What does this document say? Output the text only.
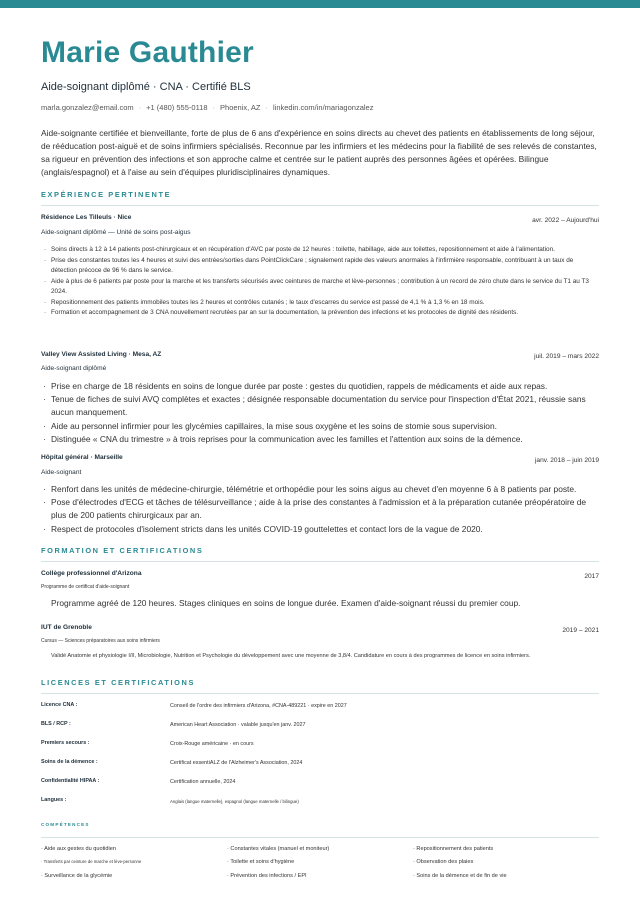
Marie Gauthier
Aide-soignant diplômé · CNA · Certifié BLS
marla.gonzalez@email.com · +1 (480) 555-0118 · Phoenix, AZ · linkedin.com/in/mariagonzalez

Aide-soignante certifiée et bienveillante, forte de plus de 6 ans d'expérience en soins directs au chevet des patients en établissements de long séjour, de rééducation post-aiguë et de soins infirmiers spécialisés. Reconnue par les infirmiers et les médecins pour la fiabilité de ses relevés de constantes, sa rigueur en prévention des infections et son approche calme et centrée sur le patient auprès des personnes âgées et opérées. Bilingue (anglais/espagnol) et à l'aise au sein d'équipes pluridisciplinaires dynamiques.

EXPÉRIENCE PERTINENTE
Résidence Les Tilleuls · Nice	avr. 2022 – Aujourd'hui
Aide-soignant diplômé — Unité de soins post-aigus
· Soins directs à 12 à 14 patients post-chirurgicaux et en récupération d'AVC par poste de 12 heures : toilette, habillage, aide aux toilettes, repositionnement et aide à l'alimentation.
· Prise des constantes toutes les 4 heures et suivi des entrées/sorties dans PointClickCare ; signalement rapide des valeurs anormales à l'infirmière responsable, contribuant à un taux de détection précoce de 96 % dans le service.
· Aide à plus de 6 patients par poste pour la marche et les transferts sécurisés avec ceintures de marche et lève-personnes ; contribution à un record de zéro chute dans le service du T1 au T3 2024.
· Repositionnement des patients immobiles toutes les 2 heures et contrôles cutanés ; le taux d'escarres du service est passé de 4,1 % à 1,3 % en 18 mois.
· Formation et accompagnement de 3 CNA nouvellement recrutées par an sur la documentation, la prévention des infections et les protocoles de dignité des résidents.
Valley View Assisted Living · Mesa, AZ	juil. 2019 – mars 2022
Aide-soignant diplômé
· Prise en charge de 18 résidents en soins de longue durée par poste : gestes du quotidien, rappels de médicaments et aide aux repas.
· Tenue de fiches de suivi AVQ complètes et exactes ; désignée responsable documentation du service pour l'inspection d'État 2021, réussie sans aucun manquement.
· Aide au personnel infirmier pour les glycémies capillaires, la mise sous oxygène et les soins de stomie sous supervision.
· Distinguée « CNA du trimestre » à trois reprises pour la communication avec les familles et l'attention aux soins de la démence.
Hôpital général · Marseille	janv. 2018 – juin 2019
Aide-soignant
· Renfort dans les unités de médecine-chirurgie, télémétrie et orthopédie pour les soins aigus au chevet d'en moyenne 6 à 8 patients par poste.
· Pose d'électrodes d'ECG et tâches de télésurveillance ; aide à la prise des constantes à l'admission et à la préparation cutanée préopératoire de plus de 200 patients chirurgicaux par an.
· Respect de protocoles d'isolement stricts dans les unités COVID-19 gouttelettes et contact lors de la vague de 2020.
FORMATION ET CERTIFICATIONS
Collège professionnel d'Arizona	2017
Programme de certificat d'aide-soignant
Programme agréé de 120 heures. Stages cliniques en soins de longue durée. Examen d'aide-soignant réussi du premier coup.
IUT de Grenoble	2019 – 2021
Cursus — Sciences préparatoires aux soins infirmiers
Validé Anatomie et physiologie I/II, Microbiologie, Nutrition et Psychologie du développement avec une moyenne de 3,8/4. Candidature en cours à des programmes de licence en soins infirmiers.
LICENCES ET CERTIFICATIONS
Licence CNA :	Conseil de l'ordre des infirmiers d'Arizona, #CNA-489221 · expire en 2027
BLS / RCP :	American Heart Association · valable jusqu'en janv. 2027
Premiers secours :	Croix-Rouge américaine · en cours
Soins de la démence :	Certificat essentiALZ de l'Alzheimer's Association, 2024
Confidentialité HIPAA :	Certification annuelle, 2024
Langues :	Anglais (langue maternelle), espagnol (langue maternelle / bilingue)
COMPÉTENCES
· Aide aux gestes du quotidien	· Constantes vitales (manuel et moniteur)	· Repositionnement des patients
· Transferts par ceinture de marche et lève-personne	· Toilette et soins d'hygiène	· Observation des plaies
· Surveillance de la glycémie	· Prévention des infections / EPI	· Soins de la démence et de fin de vie
